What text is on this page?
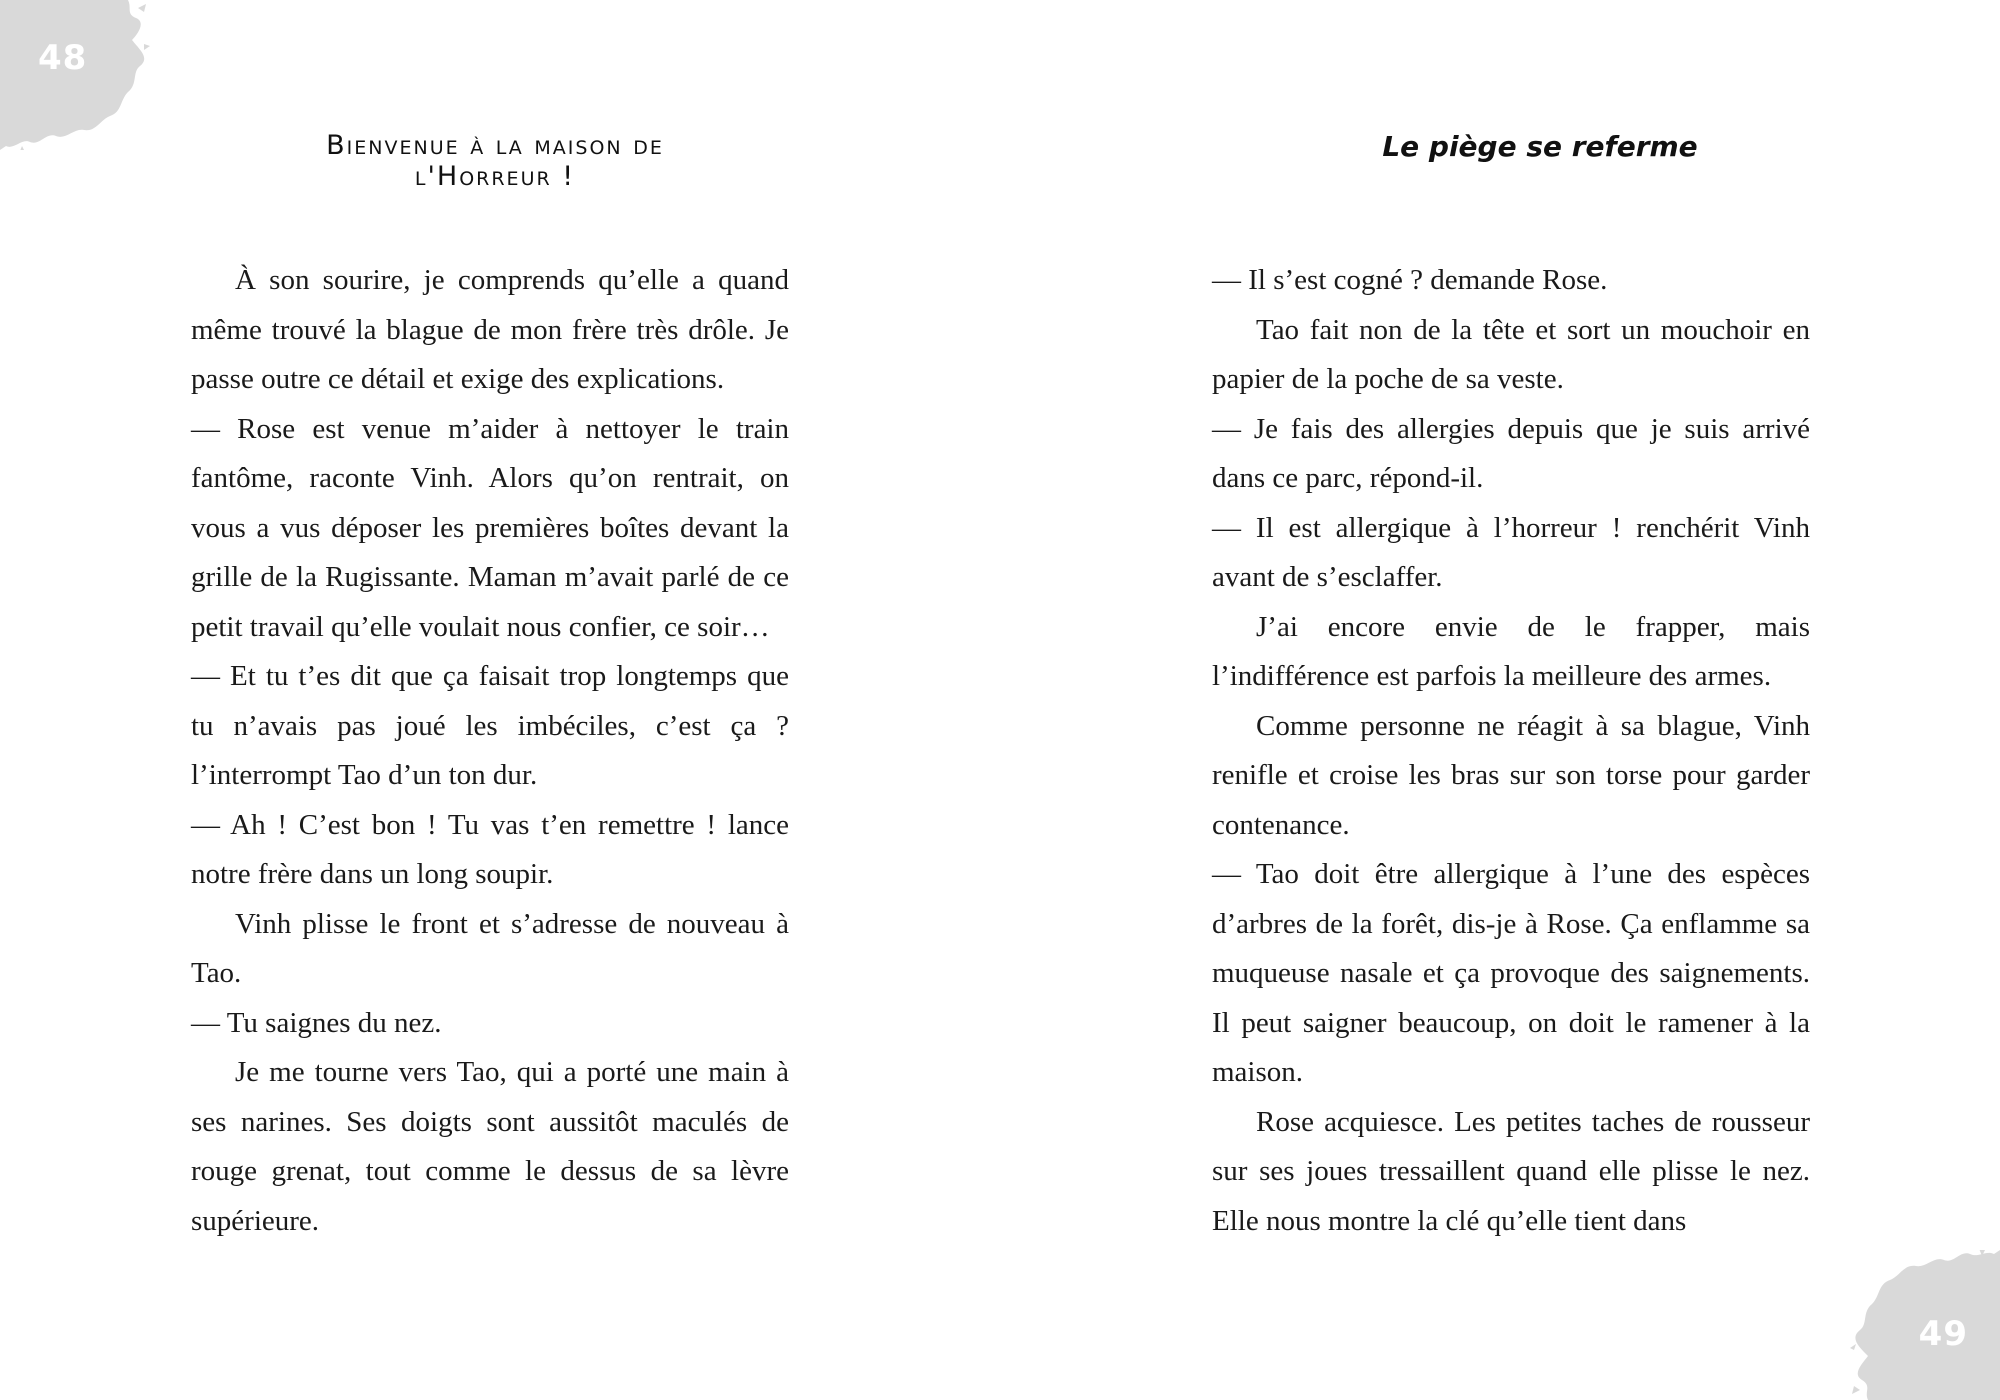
48
Bienvenue à la maison de l'Horreur !

À son sourire, je comprends qu’elle a quand même trouvé la blague de mon frère très drôle. Je passe outre ce détail et exige des explications.

— Rose est venue m’aider à nettoyer le train fantôme, raconte Vinh. Alors qu’on rentrait, on vous a vus déposer les premières boîtes devant la grille de la Rugissante. Maman m’avait parlé de ce petit travail qu’elle voulait nous confier, ce soir…

— Et tu t’es dit que ça faisait trop longtemps que tu n’avais pas joué les imbéciles, c’est ça ? l’interrompt Tao d’un ton dur.

— Ah ! C’est bon ! Tu vas t’en remettre ! lance notre frère dans un long soupir.

Vinh plisse le front et s’adresse de nouveau à Tao.

— Tu saignes du nez.

Je me tourne vers Tao, qui a porté une main à ses narines. Ses doigts sont aussitôt maculés de rouge grenat, tout comme le dessus de sa lèvre supérieure.

Le piège se referme

— Il s’est cogné ? demande Rose.

Tao fait non de la tête et sort un mouchoir en papier de la poche de sa veste.

— Je fais des allergies depuis que je suis arrivé dans ce parc, répond-il.

— Il est allergique à l’horreur ! renchérit Vinh avant de s’esclaffer.

J’ai encore envie de le frapper, mais l’indifférence est parfois la meilleure des armes.

Comme personne ne réagit à sa blague, Vinh renifle et croise les bras sur son torse pour garder contenance.

— Tao doit être allergique à l’une des espèces d’arbres de la forêt, dis-je à Rose. Ça enflamme sa muqueuse nasale et ça provoque des saignements. Il peut saigner beaucoup, on doit le ramener à la maison.

Rose acquiesce. Les petites taches de rousseur sur ses joues tressaillent quand elle plisse le nez. Elle nous montre la clé qu’elle tient dans

49
